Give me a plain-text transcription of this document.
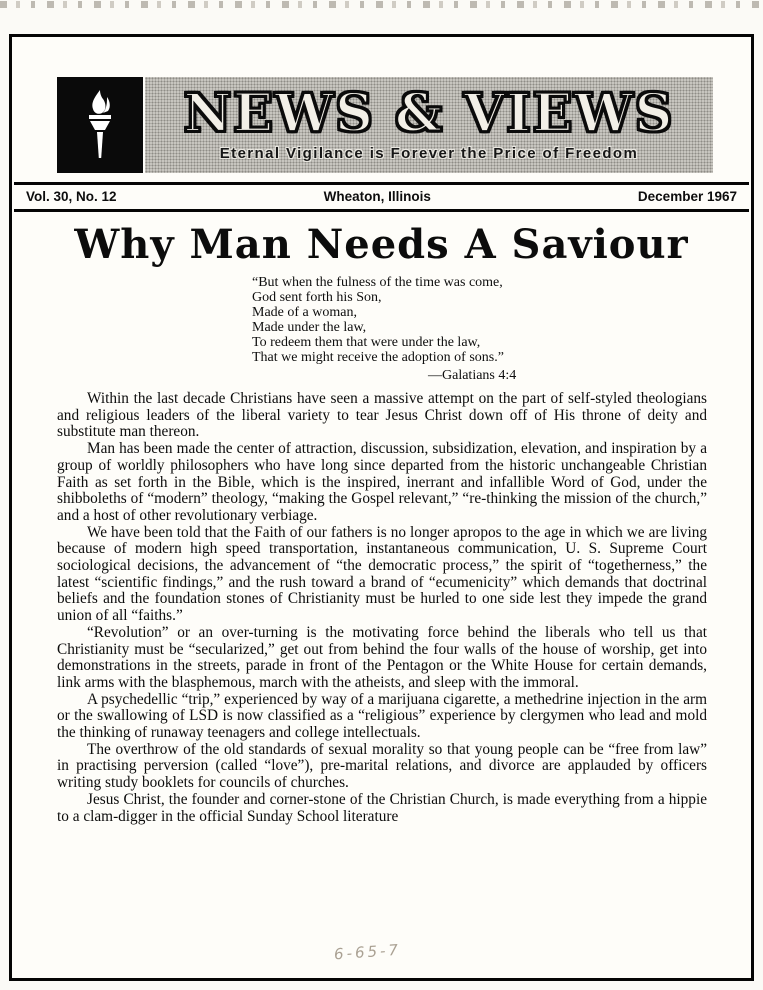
NEWS & VIEWS
Eternal Vigilance is Forever the Price of Freedom
Vol. 30, No. 12	Wheaton, Illinois	December 1967
Why Man Needs A Saviour
“But when the fulness of the time was come,
God sent forth his Son,
Made of a woman,
Made under the law,
To redeem them that were under the law,
That we might receive the adoption of sons.”
—Galatians 4:4

Within the last decade Christians have seen a massive attempt on the part of self-styled theologians and religious leaders of the liberal variety to tear Jesus Christ down off of His throne of deity and substitute man thereon.

Man has been made the center of attraction, discussion, subsidization, elevation, and inspiration by a group of worldly philosophers who have long since departed from the historic unchangeable Christian Faith as set forth in the Bible, which is the inspired, inerrant and infallible Word of God, under the shibboleths of “modern” theology, “making the Gospel relevant,” “re-thinking the mission of the church,” and a host of other revolutionary verbiage.

We have been told that the Faith of our fathers is no longer apropos to the age in which we are living because of modern high speed transportation, instantaneous communication, U. S. Supreme Court sociological decisions, the advancement of “the democratic process,” the spirit of “togetherness,” the latest “scientific findings,” and the rush toward a brand of “ecumenicity” which demands that doctrinal beliefs and the foundation stones of Christianity must be hurled to one side lest they impede the grand union of all “faiths.”

“Revolution” or an over-turning is the motivating force behind the liberals who tell us that Christianity must be “secularized,” get out from behind the four walls of the house of worship, get into demonstrations in the streets, parade in front of the Pentagon or the White House for certain demands, link arms with the blasphemous, march with the atheists, and sleep with the immoral.

A psychedellic “trip,” experienced by way of a marijuana cigarette, a methedrine injection in the arm or the swallowing of LSD is now classified as a “religious” experience by clergymen who lead and mold the thinking of runaway teenagers and college intellectuals.

The overthrow of the old standards of sexual morality so that young people can be “free from law” in practising perversion (called “love”), pre-marital relations, and divorce are applauded by officers writing study booklets for councils of churches.

Jesus Christ, the founder and corner-stone of the Christian Church, is made everything from a hippie to a clam-digger in the official Sunday School literature

6-65-7
